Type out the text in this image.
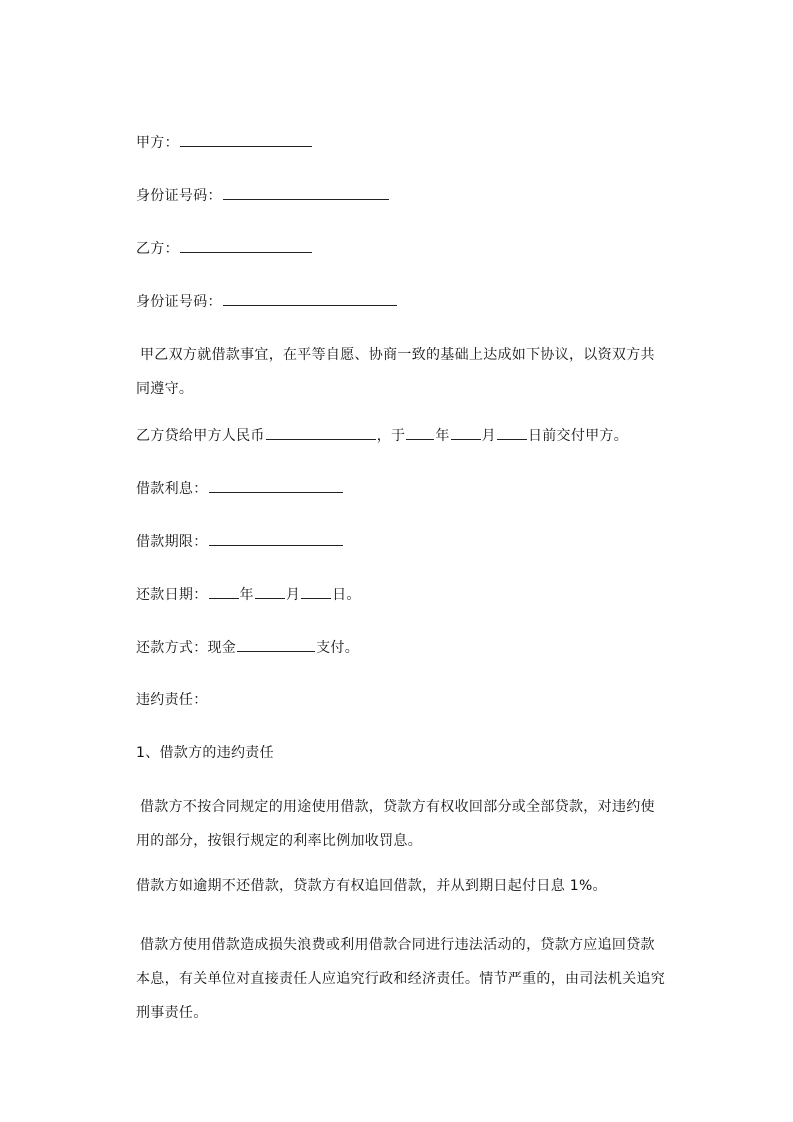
甲方：
身份证号码：
乙方：
身份证号码：
甲乙双方就借款事宜，在平等自愿、协商一致的基础上达成如下协议，以资双方共同遵守。
乙方贷给甲方人民币	，于 年 月 日前交付甲方。
借款利息：
借款期限：
还款日期： 年 月 日。
还款方式：现金	支付。
违约责任：
1、借款方的违约责任
借款方不按合同规定的用途使用借款，贷款方有权收回部分或全部贷款，对违约使用的部分，按银行规定的利率比例加收罚息。
借款方如逾期不还借款，贷款方有权追回借款，并从到期日起付日息 1%。
借款方使用借款造成损失浪费或利用借款合同进行违法活动的，贷款方应追回贷款本息，有关单位对直接责任人应追究行政和经济责任。情节严重的，由司法机关追究刑事责任。
